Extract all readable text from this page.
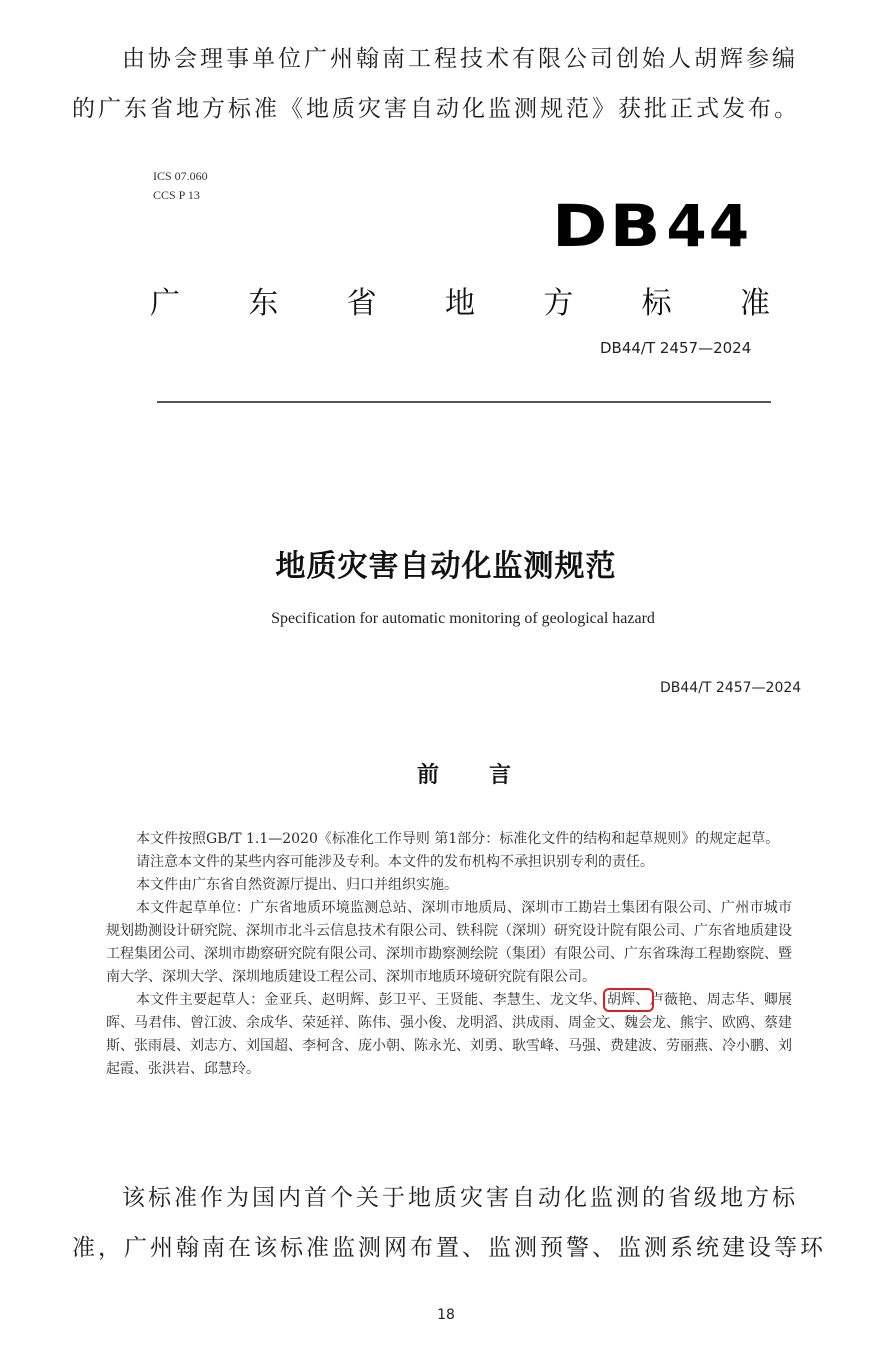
由协会理事单位广州翰南工程技术有限公司创始人胡辉参编

的广东省地方标准《地质灾害自动化监测规范》获批正式发布。

ICS 07.060
CCS P 13	DB44
广 东 省 地 方 标 准
DB44/T 2457—2024
地质灾害自动化监测规范
Specification for automatic monitoring of geological hazard
DB44/T 2457—2024
前言

本文件按照GB/T 1.1—2020《标准化工作导则 第1部分：标准化文件的结构和起草规则》的规定起草。

请注意本文件的某些内容可能涉及专利。本文件的发布机构不承担识别专利的责任。

本文件由广东省自然资源厅提出、归口并组织实施。

本文件起草单位：广东省地质环境监测总站、深圳市地质局、深圳市工勘岩土集团有限公司、广州市城市规划勘测设计研究院、深圳市北斗云信息技术有限公司、铁科院（深圳）研究设计院有限公司、广东省地质建设工程集团公司、深圳市勘察研究院有限公司、深圳市勘察测绘院（集团）有限公司、广东省珠海工程勘察院、暨南大学、深圳大学、深圳地质建设工程公司、深圳市地质环境研究院有限公司。

本文件主要起草人：金亚兵、赵明辉、彭卫平、王贤能、李慧生、龙文华、胡辉、卢薇艳、周志华、卿展晖、马君伟、曾江波、余成华、荣延祥、陈伟、强小俊、龙明滔、洪成雨、周金文、魏会龙、熊宇、欧鸥、蔡建斯、张雨晨、刘志方、刘国超、李柯含、庞小朝、陈永光、刘勇、耿雪峰、马强、费建波、劳丽燕、冷小鹏、刘起霞、张洪岩、邱慧玲。

该标准作为国内首个关于地质灾害自动化监测的省级地方标准，广州翰南在该标准监测网布置、监测预警、监测系统建设等环

18
